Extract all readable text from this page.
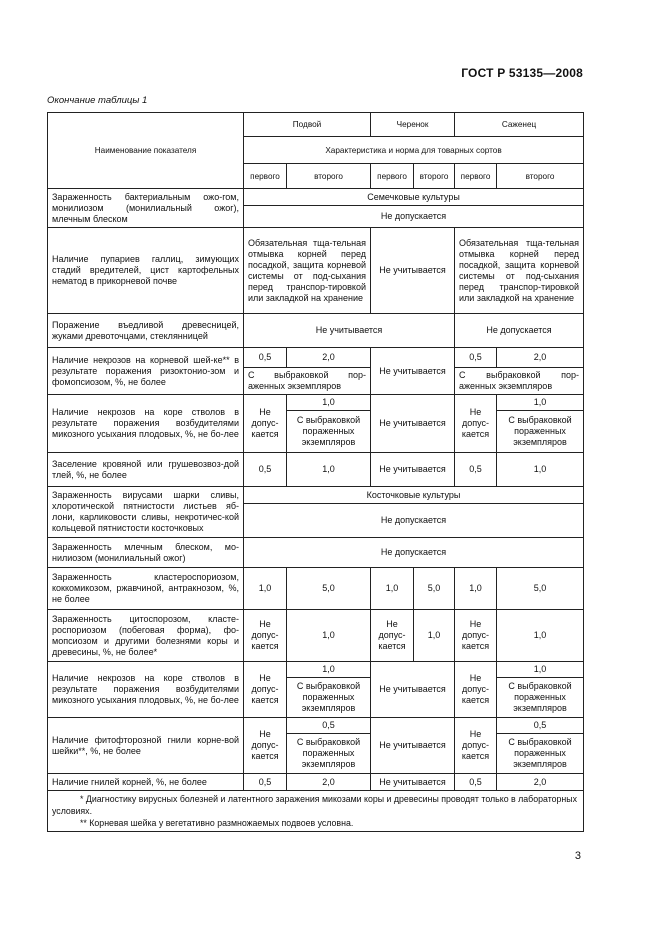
ГОСТ Р 53135—2008
Окончание таблицы 1
Наименование показателя	Подвой		Черенок		Саженец	
	Характеристика и норма для товарных сортов					
	первого	второго	первого	второго	первого	второго
Зараженность бактериальным ожо-гом, монилиозом (монилиальный ожог), млечным блеском	Семечковые культуры					
	Не допускается					
Наличие пупариев галлиц, зимующих стадий вредителей, цист картофельных нематод в прикорневой почве	Обязательная тща-тельная отмывка корней перед посадкой, защита корневой системы от под-сыхания перед транспор-тировкой или закладкой на хранение		Не учитывается		Обязательная тща-тельная отмывка корней перед посадкой, защита корневой системы от под-сыхания перед транспор-тировкой или закладкой на хранение	
Поражение въедливой древесницей, жуками древоточцами, стеклянницей	Не учитывается				Не допускается	
Наличие некрозов на корневой шей-ке** в результате поражения ризоктонио-зом и фомопсиозом, %, не более	0,5	2,0	Не учитывается		0,5	2,0
	С выбраковкой пор-аженных экземпляров				С выбраковкой пор-аженных экземпляров	
Наличие некрозов на коре стволов в результате поражения возбудителями микозного усыхания плодовых, %, не бо-лее	Не допус-кается	1,0	Не учитывается		Не допус-кается	1,0
		С выбраковкой пораженных экземпляров				С выбраковкой пораженных экземпляров
Заселение кровяной или грушевозвоз-дой тлей, %, не более	0,5	1,0	Не учитывается		0,5	1,0
Зараженность вирусами шарки сливы, хлоротической пятнистости листьев яб-лони, карликовости сливы, некротичес-кой кольцевой пятнистости косточковых	Косточковые культуры					
	Не допускается					
Зараженность млечным блеском, мо-нилиозом (монилиальный ожог)	Не допускается					
Зараженность кластероспориозом, коккомикозом, ржавчиной, антракнозом, %, не более	1,0	5,0	1,0	5,0	1,0	5,0
Зараженность цитоспорозом, класте-роспориозом (побеговая форма), фо-мопсиозом и другими болезнями коры и древесины, %, не более*	Не допус-кается	1,0	Не допус-кается	1,0	Не допус-кается	1,0
Наличие некрозов на коре стволов в результате поражения возбудителями микозного усыхания плодовых, %, не бо-лее	Не допус-кается	1,0	Не учитывается		Не допус-кается	1,0
		С выбраковкой пораженных экземпляров				С выбраковкой пораженных экземпляров
Наличие фитофторозной гнили корне-вой шейки**, %, не более	Не допус-кается	0,5	Не учитывается		Не допус-кается	0,5
		С выбраковкой пораженных экземпляров				С выбраковкой пораженных экземпляров
Наличие гнилей корней, %, не более	0,5	2,0	Не учитывается		0,5	2,0

* Диагностику вирусных болезней и латентного заражения микозами коры и древесины проводят только в лабораторных условиях.
** Корневая шейка у вегетативно размножаемых подвоев условна.						
3
